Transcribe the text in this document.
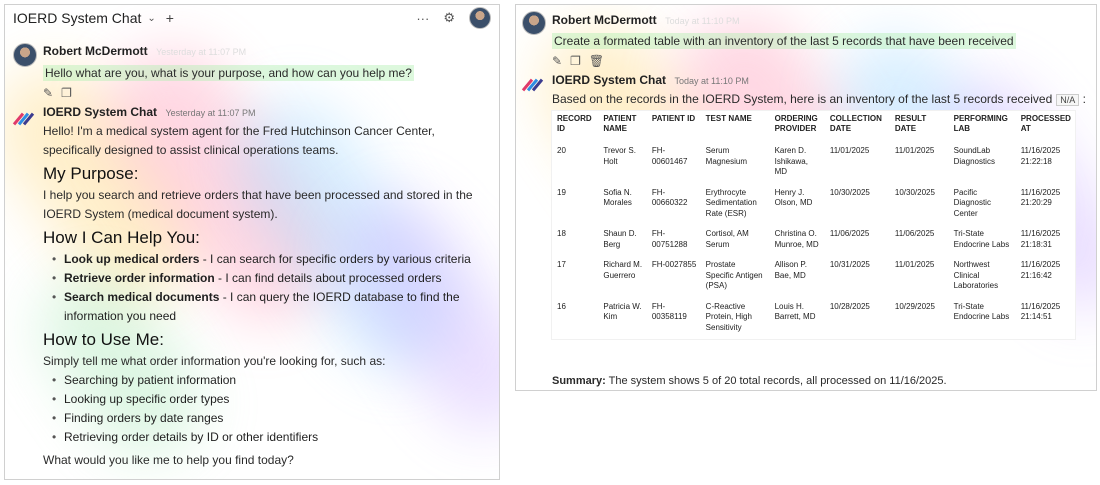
IOERD System Chat ⌄ +	··· ⚙
Robert McDermott Yesterday at 11:07 PM
Hello what are you, what is your purpose, and how can you help me?
✎ ❐
IOERD System Chat Yesterday at 11:07 PM
Hello! I'm a medical system agent for the Fred Hutchinson Cancer Center, specifically designed to assist clinical operations teams.
My Purpose:
I help you search and retrieve orders that have been processed and stored in the IOERD System (medical document system).
How I Can Help You:
• Look up medical orders - I can search for specific orders by various criteria
• Retrieve order information - I can find details about processed orders
• Search medical documents - I can query the IOERD database to find the information you need
How to Use Me:
Simply tell me what order information you're looking for, such as:
• Searching by patient information
• Looking up specific order types
• Finding orders by date ranges
• Retrieving order details by ID or other identifiers
What would you like me to help you find today?
Robert McDermott Today at 11:10 PM
Create a formated table with an inventory of the last 5 records that have been received
✎ ❐ 🗑
IOERD System Chat Today at 11:10 PM
Based on the records in the IOERD System, here is an inventory of the last 5 records received N/A :
RECORD ID	PATIENT NAME	PATIENT ID	TEST NAME	ORDERING PROVIDER	COLLECTION DATE	RESULT DATE	PERFORMING LAB	PROCESSED AT
20	Trevor S. Holt	FH-00601467	Serum Magnesium	Karen D. Ishikawa, MD	11/01/2025	11/01/2025	SoundLab Diagnostics	11/16/2025 21:22:18
19	Sofia N. Morales	FH-00660322	Erythrocyte Sedimentation Rate (ESR)	Henry J. Olson, MD	10/30/2025	10/30/2025	Pacific Diagnostic Center	11/16/2025 21:20:29
18	Shaun D. Berg	FH-00751288	Cortisol, AM Serum	Christina O. Munroe, MD	11/06/2025	11/06/2025	Tri-State Endocrine Labs	11/16/2025 21:18:31
17	Richard M. Guerrero	FH-0027855	Prostate Specific Antigen (PSA)	Allison P. Bae, MD	10/31/2025	11/01/2025	Northwest Clinical Laboratories	11/16/2025 21:16:42
16	Patricia W. Kim	FH-00358119	C-Reactive Protein, High Sensitivity	Louis H. Barrett, MD	10/28/2025	10/29/2025	Tri-State Endocrine Labs	11/16/2025 21:14:51
Summary: The system shows 5 of 20 total records, all processed on 11/16/2025.
